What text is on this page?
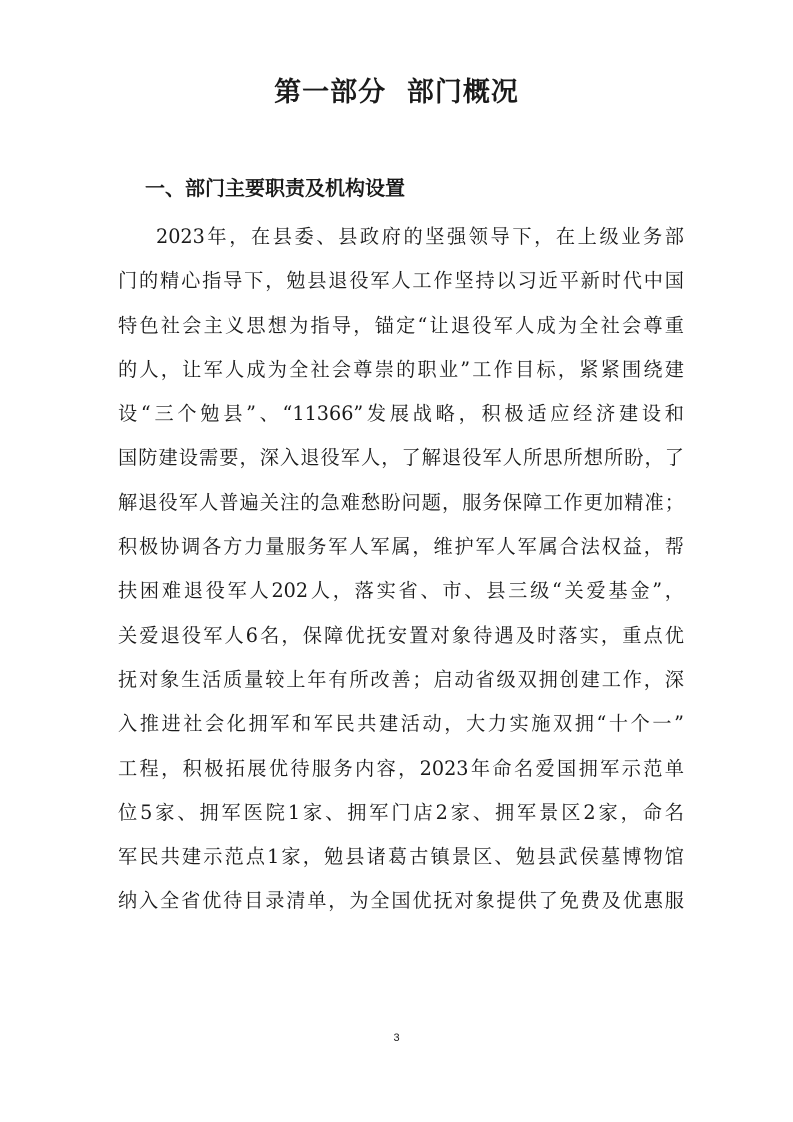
第一部分  部门概况
一、部门主要职责及机构设置
2023年，在县委、县政府的坚强领导下，在上级业务部
门的精心指导下，勉县退役军人工作坚持以习近平新时代中国
特色社会主义思想为指导，锚定“让退役军人成为全社会尊重
的人，让军人成为全社会尊崇的职业”工作目标，紧紧围绕建
设“三个勉县”、“11366”发展战略，积极适应经济建设和
国防建设需要，深入退役军人，了解退役军人所思所想所盼，了
解退役军人普遍关注的急难愁盼问题，服务保障工作更加精准；
积极协调各方力量服务军人军属，维护军人军属合法权益，帮
扶困难退役军人202人，落实省、市、县三级“关爱基金”，
关爱退役军人6名，保障优抚安置对象待遇及时落实，重点优
抚对象生活质量较上年有所改善；启动省级双拥创建工作，深
入推进社会化拥军和军民共建活动，大力实施双拥“十个一”
工程，积极拓展优待服务内容，2023年命名爱国拥军示范单
位5家、拥军医院1家、拥军门店2家、拥军景区2家，命名
军民共建示范点1家，勉县诸葛古镇景区、勉县武侯墓博物馆
纳入全省优待目录清单，为全国优抚对象提供了免费及优惠服
3
